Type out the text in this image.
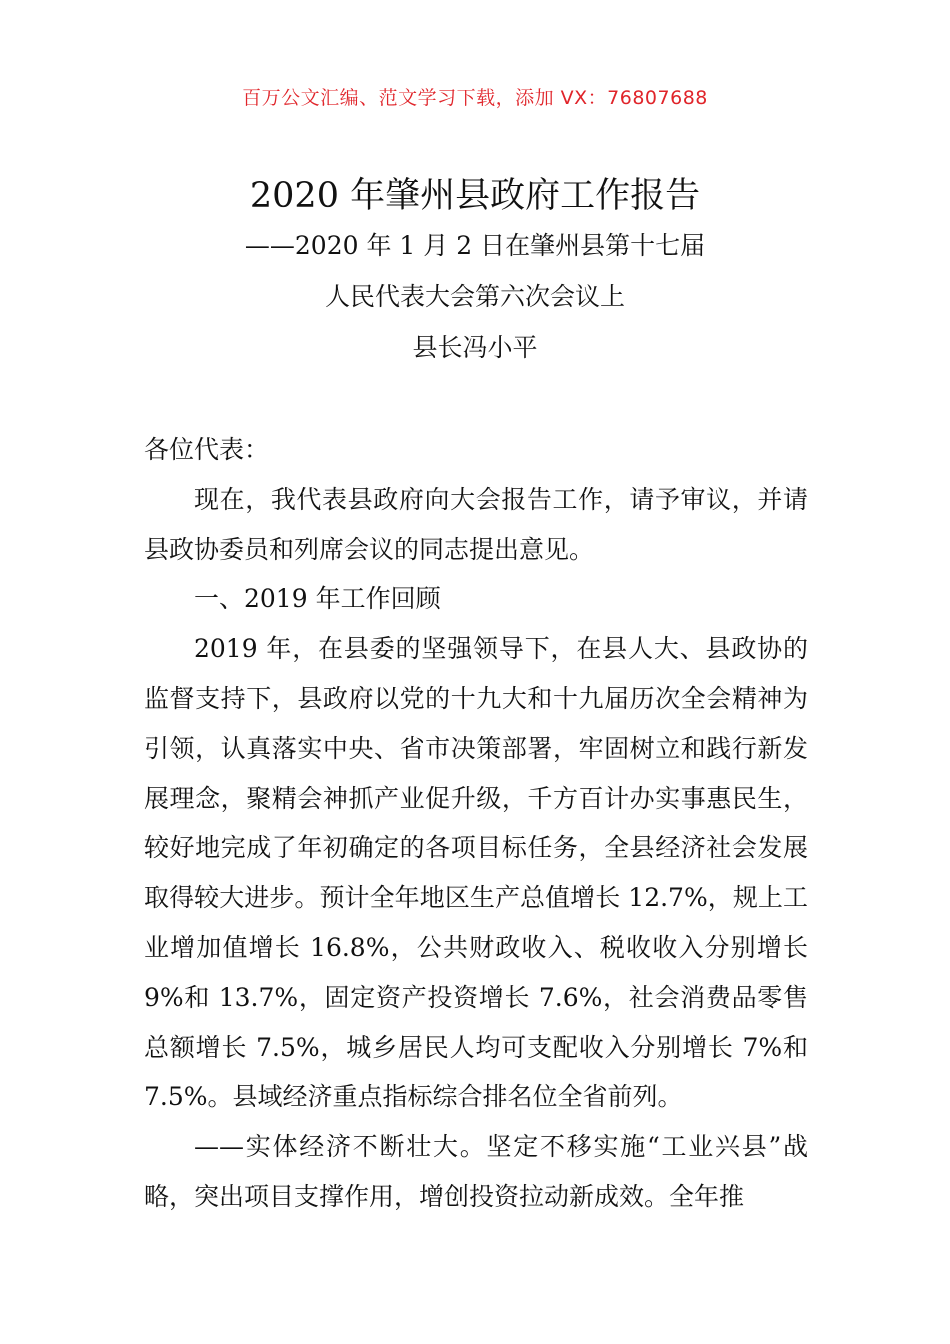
百万公文汇编、范文学习下载，添加 VX：76807688
2020 年肇州县政府工作报告
——2020 年 1 月 2 日在肇州县第十七届
人民代表大会第六次会议上
县长冯小平

各位代表：

现在，我代表县政府向大会报告工作，请予审议，并请县政协委员和列席会议的同志提出意见。

一、2019 年工作回顾

2019 年，在县委的坚强领导下，在县人大、县政协的监督支持下，县政府以党的十九大和十九届历次全会精神为引领，认真落实中央、省市决策部署，牢固树立和践行新发展理念，聚精会神抓产业促升级，千方百计办实事惠民生，较好地完成了年初确定的各项目标任务，全县经济社会发展取得较大进步。预计全年地区生产总值增长 12.7%，规上工业增加值增长 16.8%，公共财政收入、税收收入分别增长 9%和 13.7%，固定资产投资增长 7.6%，社会消费品零售总额增长 7.5%，城乡居民人均可支配收入分别增长 7%和 7.5%。县域经济重点指标综合排名位全省前列。

——实体经济不断壮大。坚定不移实施“工业兴县”战略，突出项目支撑作用，增创投资拉动新成效。全年推
